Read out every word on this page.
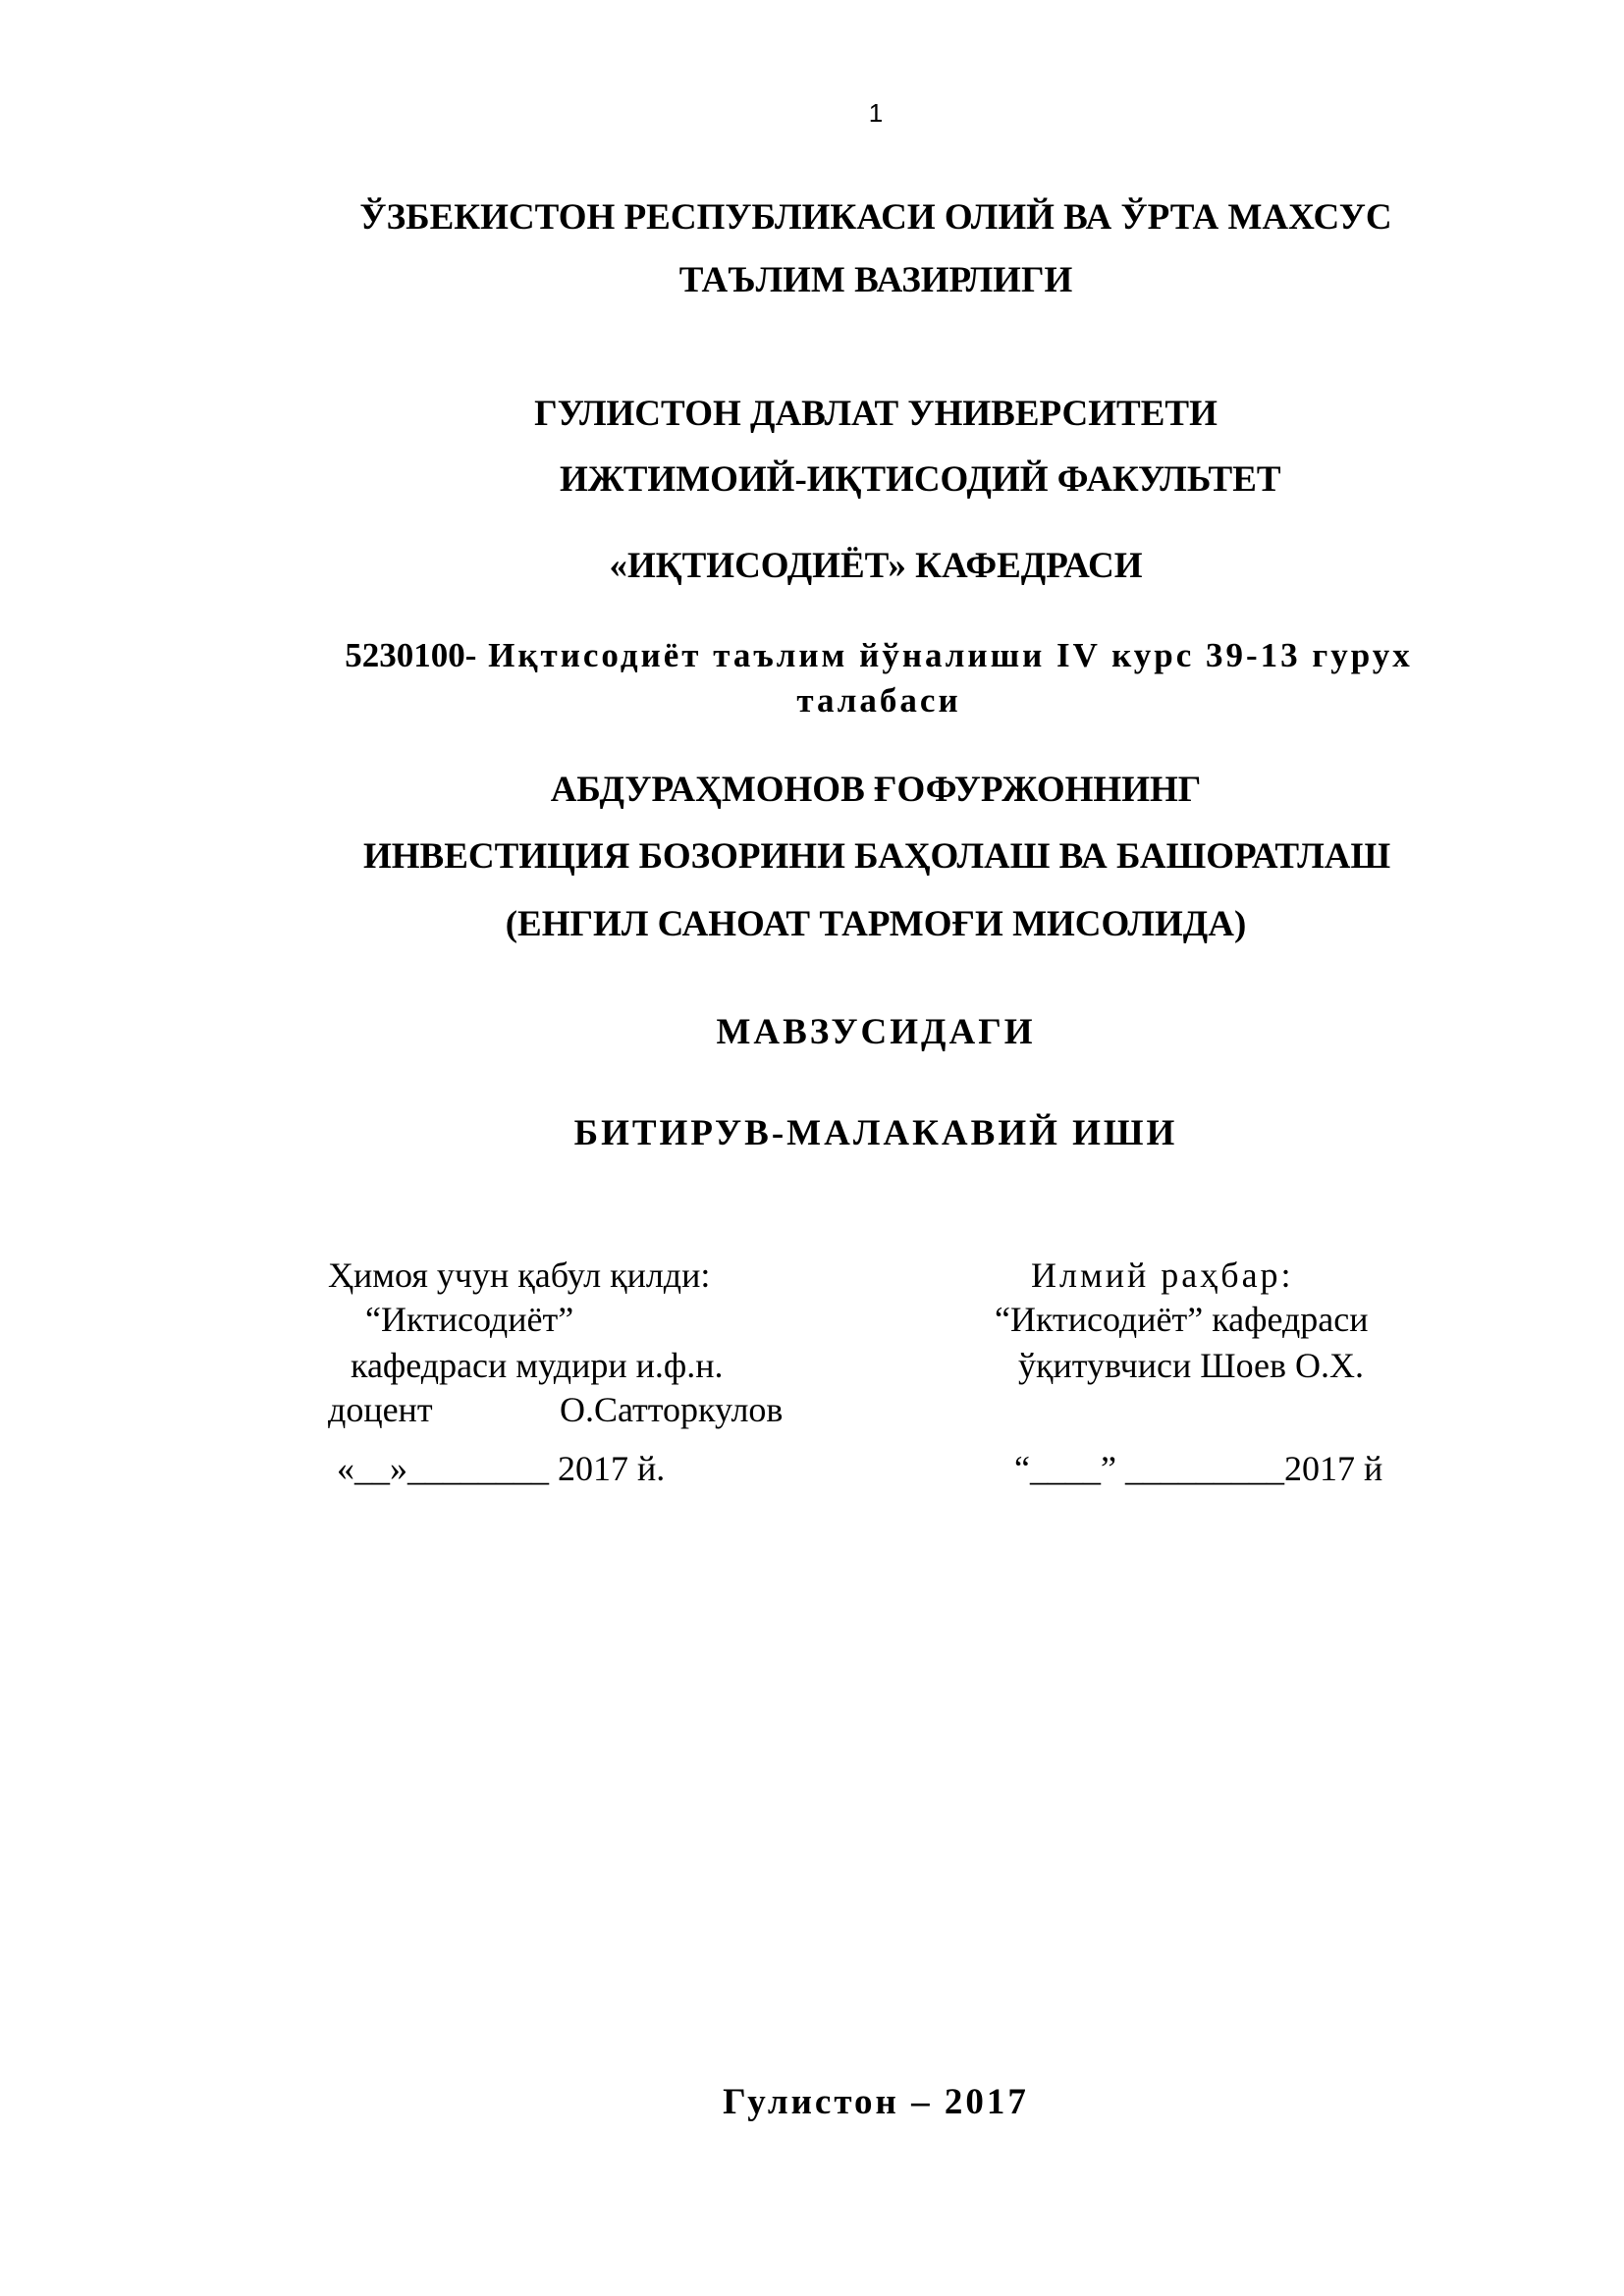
1
ЎЗБЕКИСТОН РЕСПУБЛИКАСИ ОЛИЙ ВА ЎРТА МАХСУС
ТАЪЛИМ ВАЗИРЛИГИ
ГУЛИСТОН ДАВЛАТ УНИВЕРСИТЕТИ
ИЖТИМОИЙ-ИҚТИСОДИЙ ФАКУЛЬТЕТ
«ИҚТИСОДИЁТ» КАФЕДРАСИ
5230100- Иқтисодиёт таълим йўналиши IV курс 39-13 гурух
талабаси
АБДУРАҲМОНОВ ҒОФУРЖОННИНГ
ИНВЕСТИЦИЯ БОЗОРИНИ БАҲОЛАШ ВА БАШОРАТЛАШ
(ЕНГИЛ САНОАТ ТАРМОҒИ МИСОЛИДА)
МАВЗУСИДАГИ
БИТИРУВ-МАЛАКАВИЙ ИШИ
Ҳимоя учун қабул қилди:
“Иктисодиёт”
кафедраси мудири и.ф.н.
доцент	О.Сатторкулов
«__»________ 2017 й.
Илмий раҳбар:
“Иктисодиёт” кафедраси
ўқитувчиси Шоев О.Х.
“____” _________2017 й
Гулистон – 2017
